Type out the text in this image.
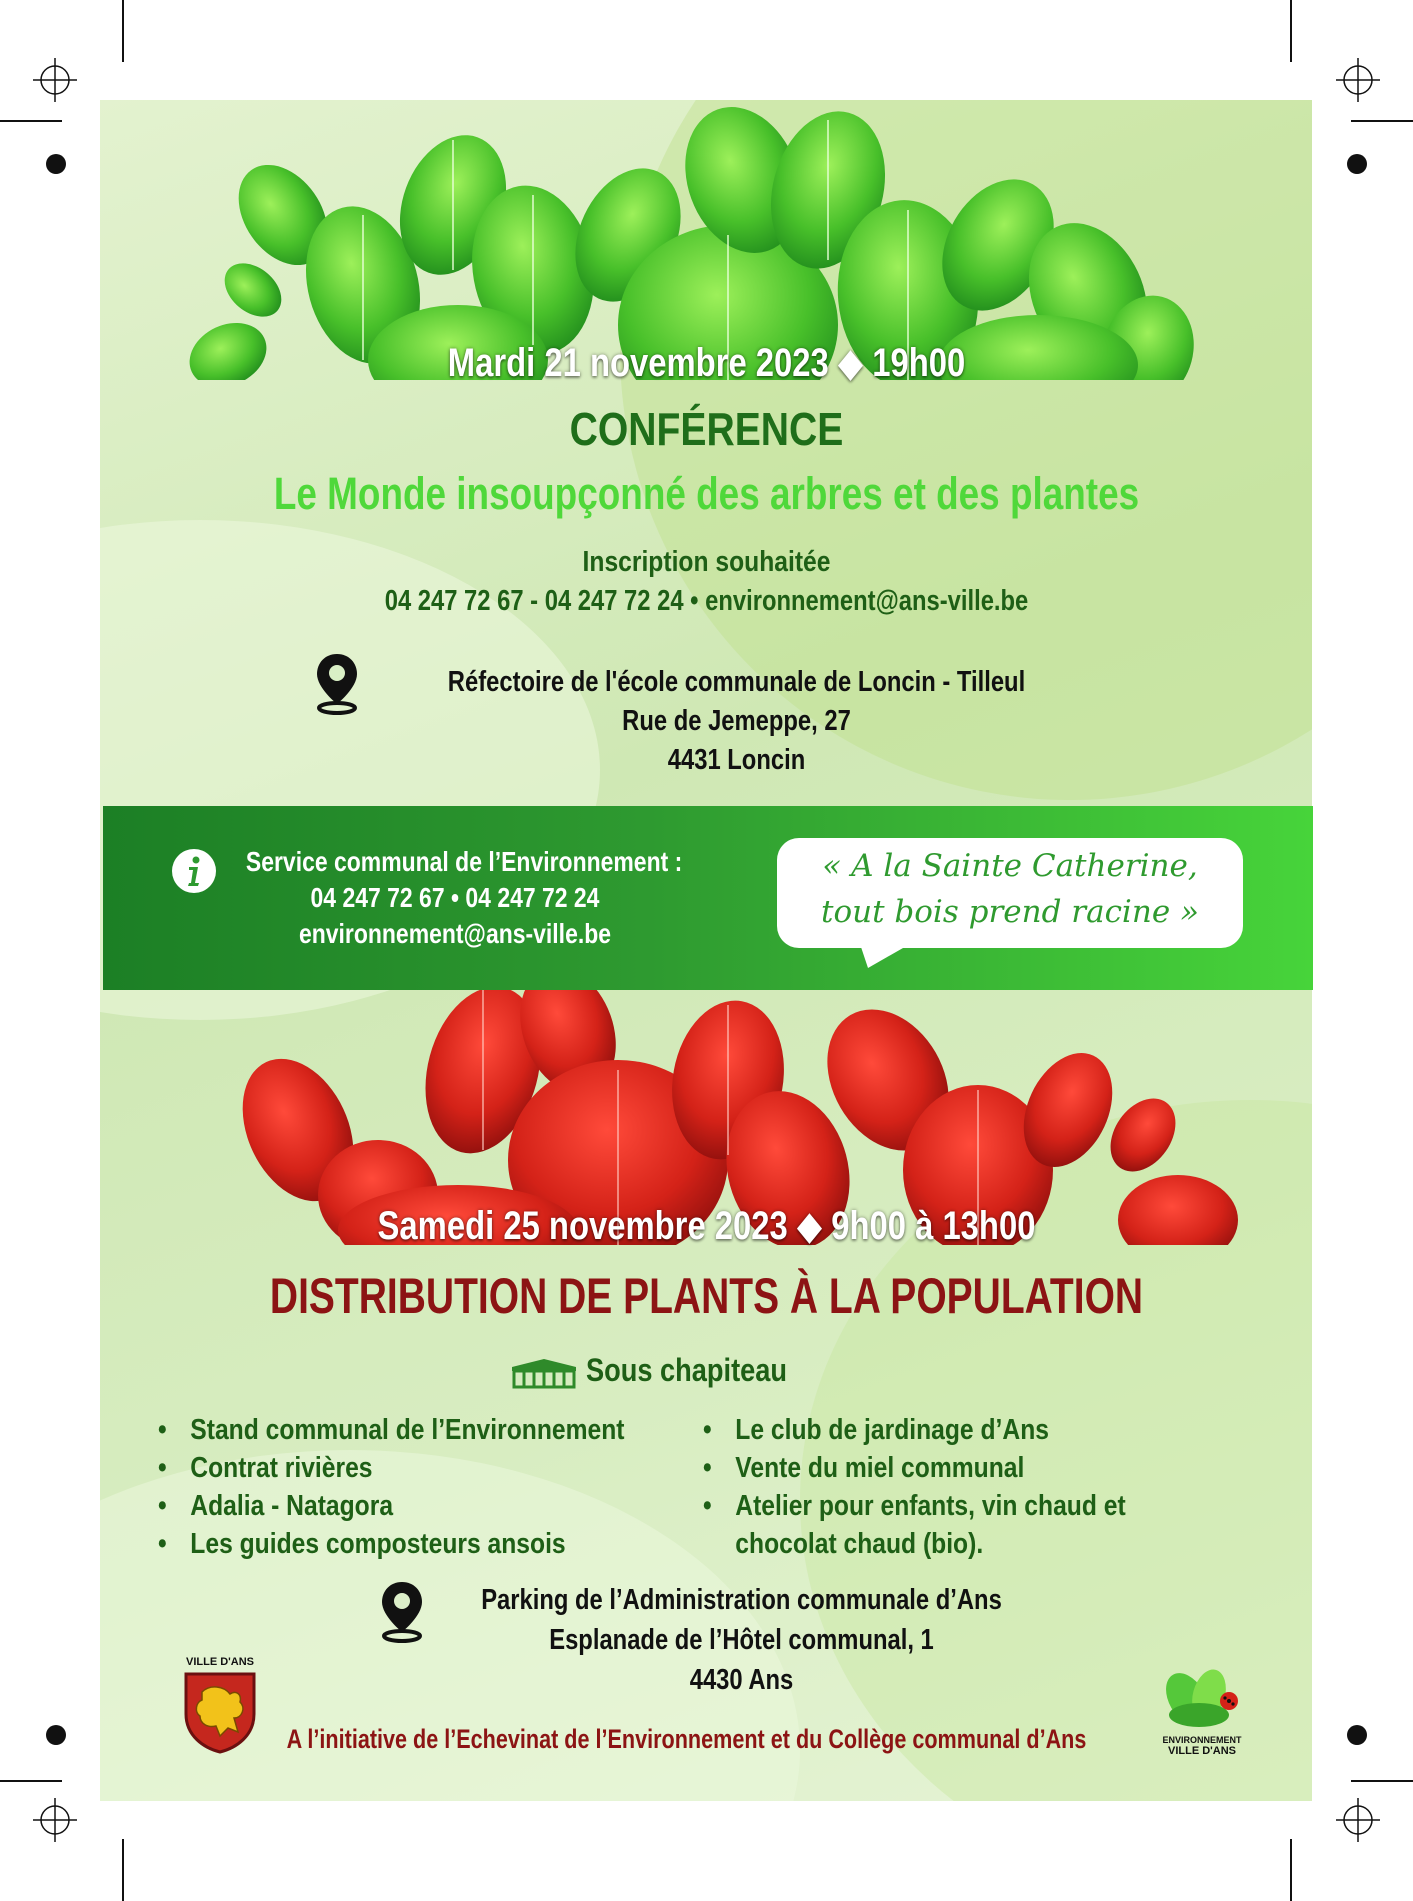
Mardi 21 novembre 2023 ◆ 19h00
CONFÉRENCE
Le Monde insoupçonné des arbres et des plantes
Inscription souhaitée
04 247 72 67 - 04 247 72 24 • environnement@ans-ville.be
Réfectoire de l'école communale de Loncin - Tilleul
Rue de Jemeppe, 27
4431 Loncin
Service communal de l’Environnement :
04 247 72 67 • 04 247 72 24
environnement@ans-ville.be
« A la Sainte Catherine,
tout bois prend racine »
Samedi 25 novembre 2023 ◆ 9h00 à 13h00
DISTRIBUTION DE PLANTS À LA POPULATION
Sous chapiteau
• Stand communal de l’Environnement
• Contrat rivières
• Adalia - Natagora
• Les guides composteurs ansois
• Le club de jardinage d’Ans
• Vente du miel communal
• Atelier pour enfants, vin chaud et
chocolat chaud (bio).
Parking de l’Administration communale d’Ans
Esplanade de l’Hôtel communal, 1
4430 Ans
VILLE D'ANS
A l’initiative de l’Echevinat de l’Environnement et du Collège communal d’Ans	ENVIRONNEMENT
VILLE D'ANS
